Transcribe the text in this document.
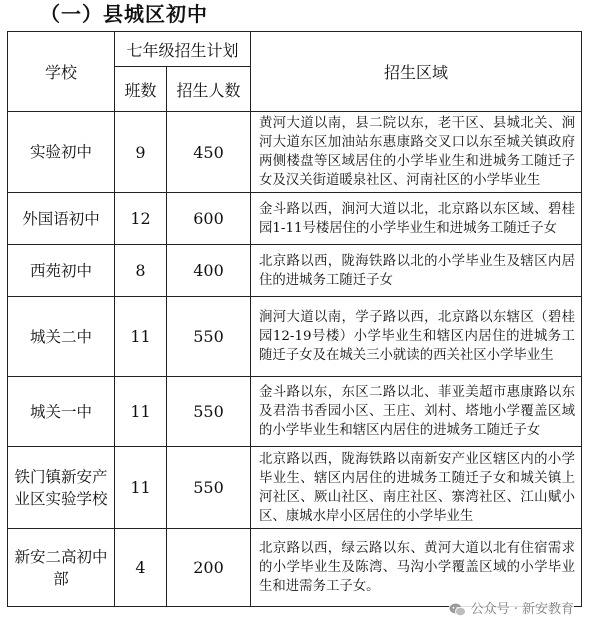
（一）县城区初中
学校	七年级招生计划		招生区域
	班数	招生人数	
实验初中	9	450	黄河大道以南，县二院以东，老干区、县城北关、涧河大道东区加油站东惠康路交叉口以东至城关镇政府两侧楼盘等区域居住的小学毕业生和进城务工随迁子女及汉关街道暖泉社区、河南社区的小学毕业生
外国语初中	12	600	金斗路以西，涧河大道以北，北京路以东区域、碧桂园1-11号楼居住的小学毕业生和进城务工随迁子女
西苑初中	8	400	北京路以西，陇海铁路以北的小学毕业生及辖区内居住的进城务工随迁子女
城关二中	11	550	涧河大道以南，学子路以西，北京路以东辖区（碧桂园12-19号楼）小学毕业生和辖区内居住的进城务工随迁子女及在城关三小就读的西关社区小学毕业生
城关一中	11	550	金斗路以东，东区二路以北、菲亚美超市惠康路以东及君浩书香园小区、王庄、刘村、塔地小学覆盖区域的小学毕业生和辖区内居住的进城务工随迁子女
铁门镇新安产业区实验学校	11	550	北京路以西，陇海铁路以南新安产业区辖区内的小学毕业生、辖区内居住的进城务工随迁子女和城关镇上河社区、厥山社区、南庄社区、寨湾社区、江山赋小区、康城水岸小区居住的小学毕业生
新安二高初中部	4	200	北京路以西，绿云路以东、黄河大道以北有住宿需求的小学毕业生及陈湾、马沟小学覆盖区域的小学毕业生和进需务工子女。
公众号 · 新安教育
